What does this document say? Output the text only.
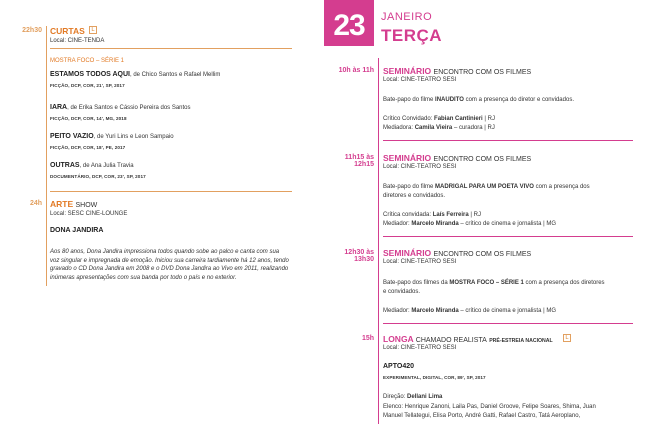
22h30 CURTAS	L
Local: CINE-TENDA
MOSTRA FOCO – SÉRIE 1
ESTAMOS TODOS AQUI, de Chico Santos e Rafael Mellim
FICÇÃO, DCP, COR, 21', SP, 2017
IARA, de Erika Santos e Cássio Pereira dos Santos
FICÇÃO, DCP, COR, 14', MG, 2018
PEITO VAZIO, de Yuri Lins e Leon Sampaio
FICÇÃO, DCP, COR, 18', PE, 2017
OUTRAS, de Ana Julia Travia
DOCUMENTÁRIO, DCP, COR, 23', SP, 2017
24h ARTE SHOW
Local: SESC CINE-LOUNGE
DONA JANDIRA
Aos 80 anos, Dona Jandira impressiona todos quando sobe ao palco e canta com sua voz singular e impregnada de emoção. Iniciou sua carreira tardiamente há 12 anos, tendo gravado o CD Dona Jandira em 2008 e o DVD Dona Jandira ao Vivo em 2011, realizando inúmeras apresentações com sua banda por todo o país e no exterior.
23	JANEIRO
TERÇA
10h às 11h SEMINÁRIO ENCONTRO COM OS FILMES
Local: CINE-TEATRO SESI
Bate-papo do filme INAUDITO com a presença do diretor e convidados.
Crítico Convidado: Fabian Cantinieri | RJ
Mediadora: Camila Vieira – curadora | RJ
11h15 às
12h15
SEMINÁRIO ENCONTRO COM OS FILMES
Local: CINE-TEATRO SESI
Bate-papo do filme MADRIGAL PARA UM POETA VIVO com a presença dos
diretores e convidados.
Crítica convidada: Laís Ferreira | RJ
Mediador: Marcelo Miranda – crítico de cinema e jornalista | MG
12h30 às
13h30
SEMINÁRIO ENCONTRO COM OS FILMES
Local: CINE-TEATRO SESI
Bate-papo dos filmes da MOSTRA FOCO – SÉRIE 1 com a presença dos diretores
e convidados.
Mediador: Marcelo Miranda – crítico de cinema e jornalista | MG
15h LONGA CHAMADO REALISTA PRÉ-ESTREIA NACIONAL	L
Local: CINE-TEATRO SESI
APTO420
EXPERIMENTAL, DIGITAL, COR, 89', SP, 2017
Direção: Dellani Lima
Elenco: Henrique Zanoni, Laila Pas, Daniel Groove, Felipe Soares, Shima, Juan
Manuel Tellategui, Elisa Porto, André Gatti, Rafael Castro, Tatá Aeroplano,
